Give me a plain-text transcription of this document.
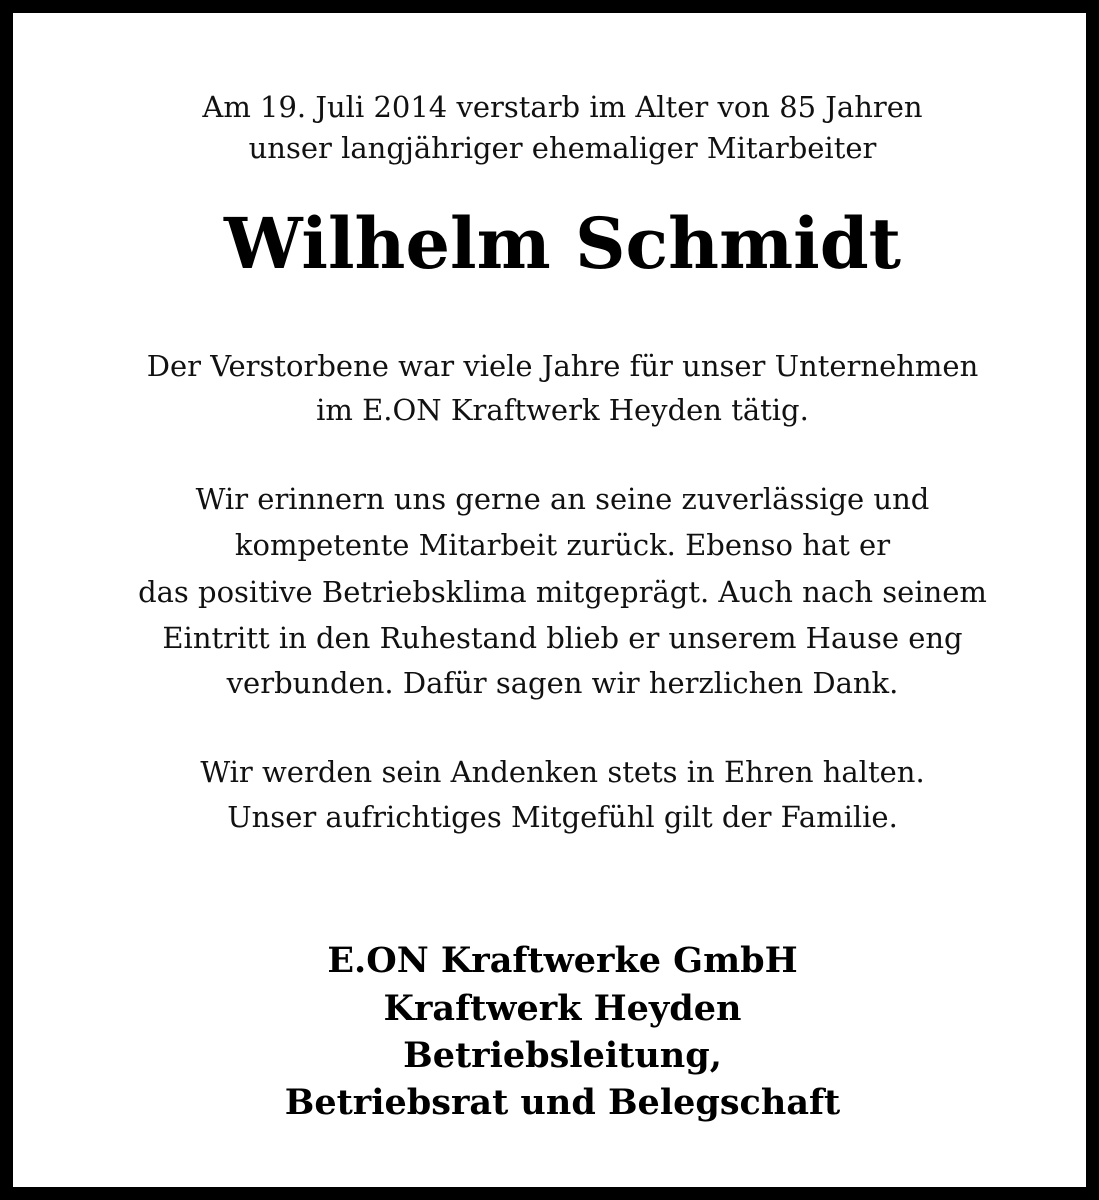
Am 19. Juli 2014 verstarb im Alter von 85 Jahren
unser langjähriger ehemaliger Mitarbeiter
Wilhelm Schmidt
Der Verstorbene war viele Jahre für unser Unternehmen
im E.ON Kraftwerk Heyden tätig.
Wir erinnern uns gerne an seine zuverlässige und
kompetente Mitarbeit zurück. Ebenso hat er
das positive Betriebsklima mitgeprägt. Auch nach seinem
Eintritt in den Ruhestand blieb er unserem Hause eng
verbunden. Dafür sagen wir herzlichen Dank.
Wir werden sein Andenken stets in Ehren halten.
Unser aufrichtiges Mitgefühl gilt der Familie.
E.ON Kraftwerke GmbH
Kraftwerk Heyden
Betriebsleitung,
Betriebsrat und Belegschaft
